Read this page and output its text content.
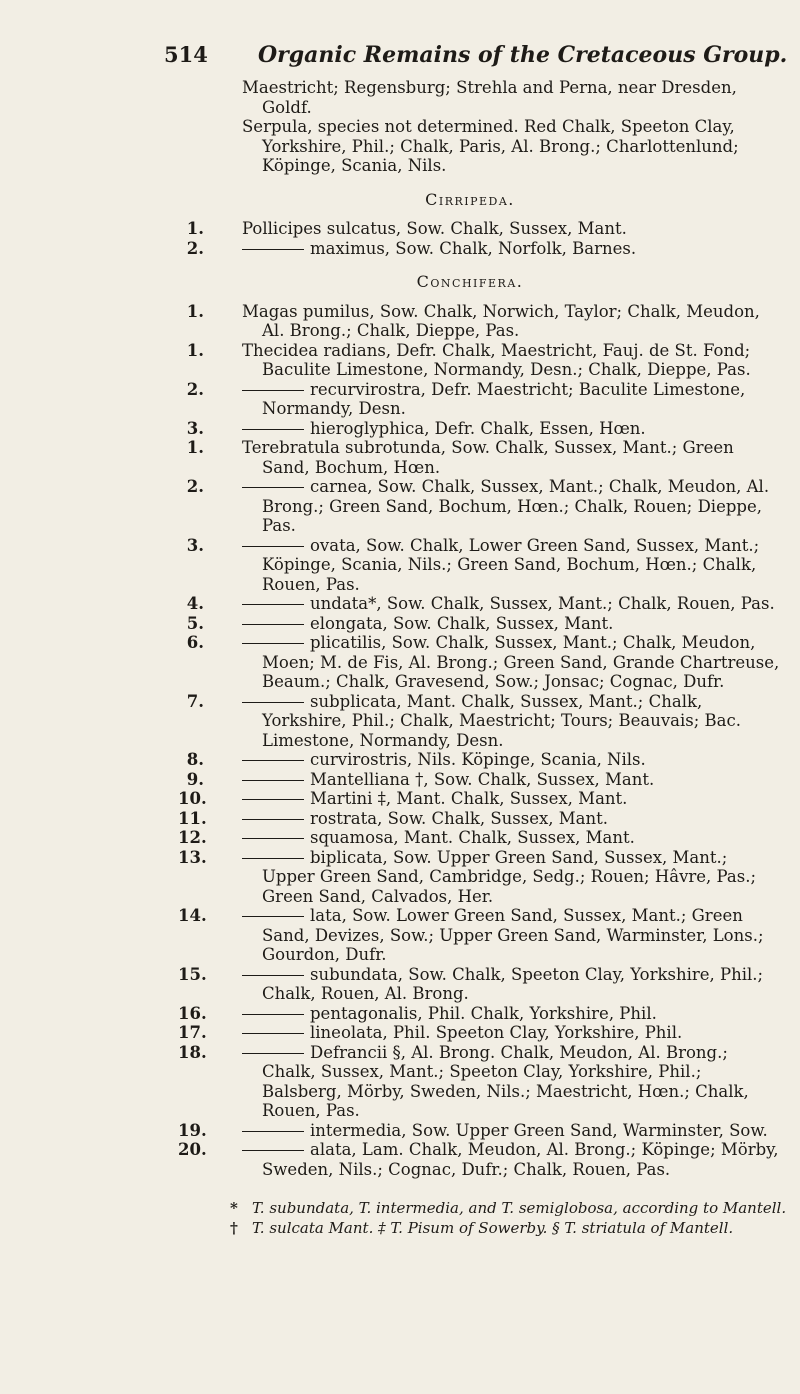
514 Organic Remains of the Cretaceous Group.

Maestricht; Regensburg; Strehla and Perna, near Dresden, Goldf.

Serpula, species not determined. Red Chalk, Speeton Clay, Yorkshire, Phil.; Chalk, Paris, Al. Brong.; Charlottenlund; Köpinge, Scania, Nils.

Cirripeda.

1. Pollicipes sulcatus, Sow. Chalk, Sussex, Mant.

2.	maximus, Sow. Chalk, Norfolk, Barnes.

Conchifera.

1. Magas pumilus, Sow. Chalk, Norwich, Taylor; Chalk, Meudon, Al. Brong.; Chalk, Dieppe, Pas.

1. Thecidea radians, Defr. Chalk, Maestricht, Fauj. de St. Fond; Baculite Limestone, Normandy, Desn.; Chalk, Dieppe, Pas.

2.	recurvirostra, Defr. Maestricht; Baculite Limestone, Normandy, Desn.

3.	hieroglyphica, Defr. Chalk, Essen, Hœn.

1. Terebratula subrotunda, Sow. Chalk, Sussex, Mant.; Green Sand, Bochum, Hœn.

2.	carnea, Sow. Chalk, Sussex, Mant.; Chalk, Meudon, Al. Brong.; Green Sand, Bochum, Hœn.; Chalk, Rouen; Dieppe, Pas.

3.	ovata, Sow. Chalk, Lower Green Sand, Sussex, Mant.; Köpinge, Scania, Nils.; Green Sand, Bochum, Hœn.; Chalk, Rouen, Pas.

4.	undata*, Sow. Chalk, Sussex, Mant.; Chalk, Rouen, Pas.

5.	elongata, Sow. Chalk, Sussex, Mant.

6.	plicatilis, Sow. Chalk, Sussex, Mant.; Chalk, Meudon, Moen; M. de Fis, Al. Brong.; Green Sand, Grande Chartreuse, Beaum.; Chalk, Gravesend, Sow.; Jonsac; Cognac, Dufr.

7.	subplicata, Mant. Chalk, Sussex, Mant.; Chalk, Yorkshire, Phil.; Chalk, Maestricht; Tours; Beauvais; Bac. Limestone, Normandy, Desn.

8.	curvirostris, Nils. Köpinge, Scania, Nils.

9.	Mantelliana †, Sow. Chalk, Sussex, Mant.

10.	Martini ‡, Mant. Chalk, Sussex, Mant.

11.	rostrata, Sow. Chalk, Sussex, Mant.

12.	squamosa, Mant. Chalk, Sussex, Mant.

13.	biplicata, Sow. Upper Green Sand, Sussex, Mant.; Upper Green Sand, Cambridge, Sedg.; Rouen; Hâvre, Pas.; Green Sand, Calvados, Her.

14.	lata, Sow. Lower Green Sand, Sussex, Mant.; Green Sand, Devizes, Sow.; Upper Green Sand, Warminster, Lons.; Gourdon, Dufr.

15.	subundata, Sow. Chalk, Speeton Clay, Yorkshire, Phil.; Chalk, Rouen, Al. Brong.

16.	pentagonalis, Phil. Chalk, Yorkshire, Phil.

17.	lineolata, Phil. Speeton Clay, Yorkshire, Phil.

18.	Defrancii §, Al. Brong. Chalk, Meudon, Al. Brong.; Chalk, Sussex, Mant.; Speeton Clay, Yorkshire, Phil.; Balsberg, Mörby, Sweden, Nils.; Maestricht, Hœn.; Chalk, Rouen, Pas.

19.	intermedia, Sow. Upper Green Sand, Warminster, Sow.

20.	alata, Lam. Chalk, Meudon, Al. Brong.; Köpinge; Mörby, Sweden, Nils.; Cognac, Dufr.; Chalk, Rouen, Pas.

* T. subundata, T. intermedia, and T. semiglobosa, according to Mantell.

† T. sulcata Mant. ‡ T. Pisum of Sowerby. § T. striatula of Mantell.
